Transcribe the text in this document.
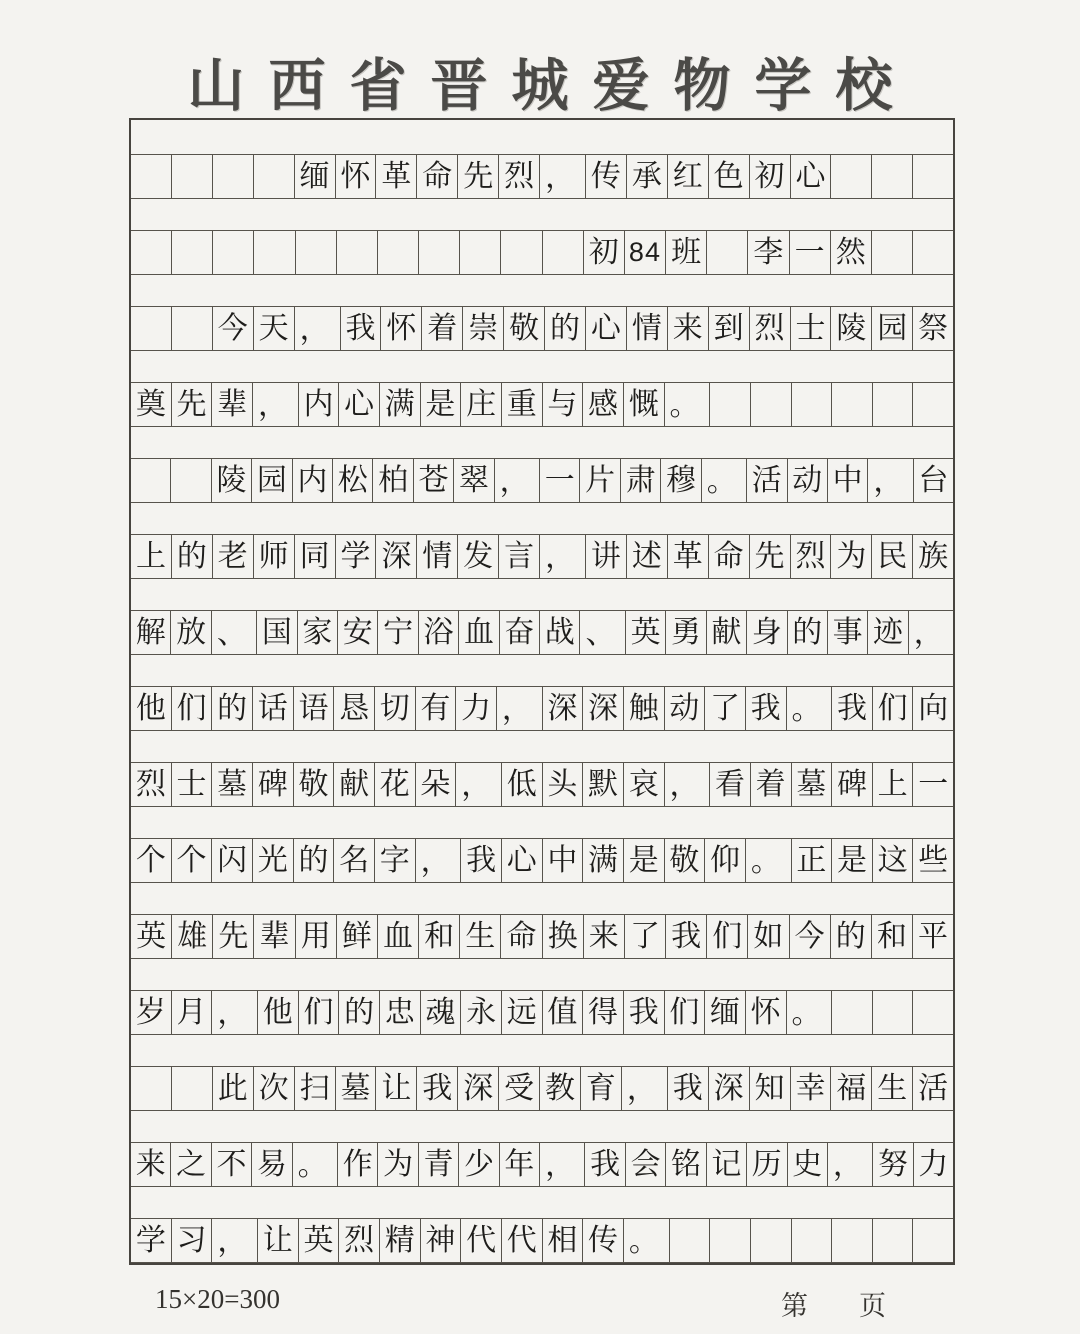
山西省晋城爱物学校
缅 怀 革 命 先 烈 ， 传 承 红 色 初 心
初 84 班 李 一 然
今 天 ， 我 怀 着 崇 敬 的 心 情 来 到 烈 士 陵 园 祭
奠 先 辈 ， 内 心 满 是 庄 重 与 感 慨 。
陵 园 内 松 柏 苍 翠 ， 一 片 肃 穆 。 活 动 中 ， 台
上 的 老 师 同 学 深 情 发 言 ， 讲 述 革 命 先 烈 为 民 族
解 放 、 国 家 安 宁 浴 血 奋 战 、 英 勇 献 身 的 事 迹 ，
他 们 的 话 语 恳 切 有 力 ， 深 深 触 动 了 我 。 我 们 向
烈 士 墓 碑 敬 献 花 朵 ， 低 头 默 哀 ， 看 着 墓 碑 上 一
个 个 闪 光 的 名 字 ， 我 心 中 满 是 敬 仰 。 正 是 这 些
英 雄 先 辈 用 鲜 血 和 生 命 换 来 了 我 们 如 今 的 和 平
岁 月 ， 他 们 的 忠 魂 永 远 值 得 我 们 缅 怀 。
此 次 扫 墓 让 我 深 受 教 育 ， 我 深 知 幸 福 生 活
来 之 不 易 。 作 为 青 少 年 ， 我 会 铭 记 历 史 ， 努 力
学 习 ， 让 英 烈 精 神 代 代 相 传 。
15×20=300	第　页
